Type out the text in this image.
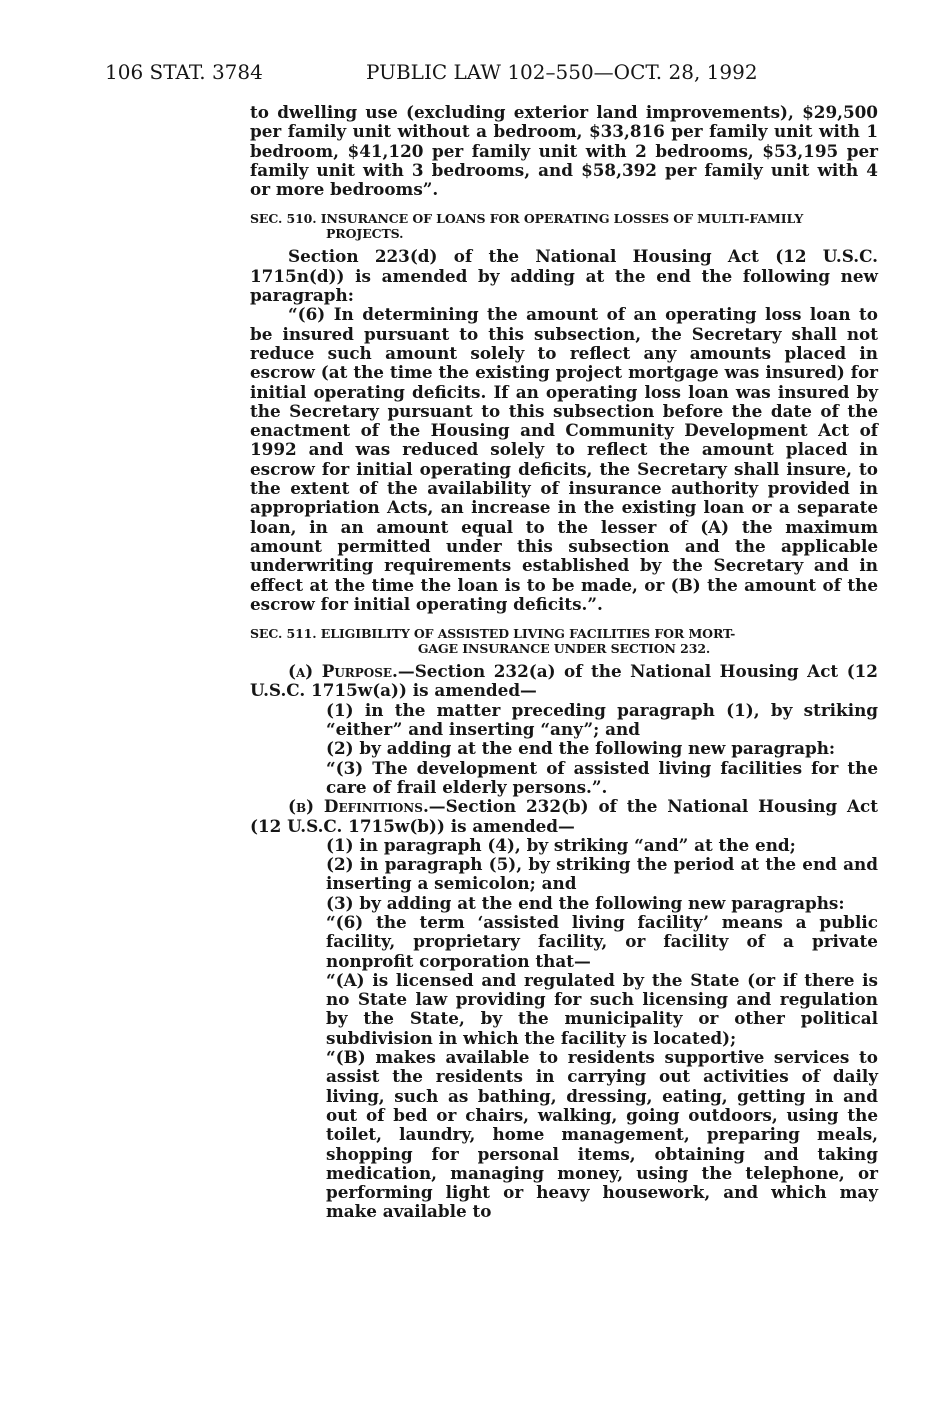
106 STAT. 3784	PUBLIC LAW 102–550—OCT. 28, 1992

to dwelling use (excluding exterior land improvements), $29,500 per family unit without a bedroom, $33,816 per family unit with 1 bedroom, $41,120 per family unit with 2 bedrooms, $53,195 per family unit with 3 bedrooms, and $58,392 per family unit with 4 or more bedrooms”.

SEC. 510. INSURANCE OF LOANS FOR OPERATING LOSSES OF MULTI-FAMILY PROJECTS.

Section 223(d) of the National Housing Act (12 U.S.C. 1715n(d)) is amended by adding at the end the following new paragraph:

“(6) In determining the amount of an operating loss loan to be insured pursuant to this subsection, the Secretary shall not reduce such amount solely to reflect any amounts placed in escrow (at the time the existing project mortgage was insured) for initial operating deficits. If an operating loss loan was insured by the Secretary pursuant to this subsection before the date of the enactment of the Housing and Community Development Act of 1992 and was reduced solely to reflect the amount placed in escrow for initial operating deficits, the Secretary shall insure, to the extent of the availability of insurance authority provided in appropriation Acts, an increase in the existing loan or a separate loan, in an amount equal to the lesser of (A) the maximum amount permitted under this subsection and the applicable underwriting requirements established by the Secretary and in effect at the time the loan is to be made, or (B) the amount of the escrow for initial operating deficits.”.

SEC. 511. ELIGIBILITY OF ASSISTED LIVING FACILITIES FOR MORT-
GAGE INSURANCE UNDER SECTION 232.

(a) Purpose.—Section 232(a) of the National Housing Act (12 U.S.C. 1715w(a)) is amended—

(1) in the matter preceding paragraph (1), by striking “either” and inserting “any”; and

(2) by adding at the end the following new paragraph:

“(3) The development of assisted living facilities for the care of frail elderly persons.”.

(b) Definitions.—Section 232(b) of the National Housing Act (12 U.S.C. 1715w(b)) is amended—

(1) in paragraph (4), by striking “and” at the end;

(2) in paragraph (5), by striking the period at the end and inserting a semicolon; and

(3) by adding at the end the following new paragraphs:

“(6) the term ‘assisted living facility’ means a public facility, proprietary facility, or facility of a private nonprofit corporation that—

“(A) is licensed and regulated by the State (or if there is no State law providing for such licensing and regulation by the State, by the municipality or other political subdivision in which the facility is located);

“(B) makes available to residents supportive services to assist the residents in carrying out activities of daily living, such as bathing, dressing, eating, getting in and out of bed or chairs, walking, going outdoors, using the toilet, laundry, home management, preparing meals, shopping for personal items, obtaining and taking medication, managing money, using the telephone, or performing light or heavy housework, and which may make available to
